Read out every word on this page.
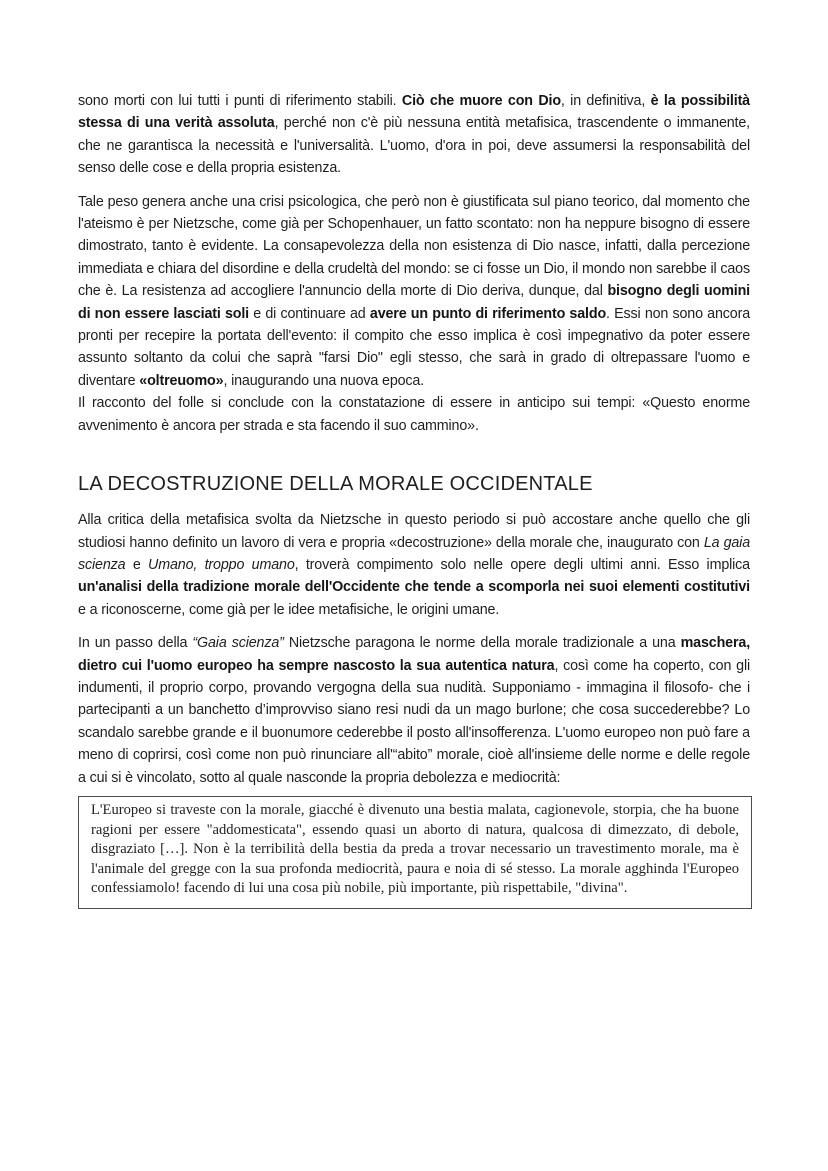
sono morti con lui tutti i punti di riferimento stabili. Ciò che muore con Dio, in definitiva, è la possibilità stessa di una verità assoluta, perché non c'è più nessuna entità metafisica, trascendente o immanente, che ne garantisca la necessità e l'universalità. L'uomo, d'ora in poi, deve assumersi la responsabilità del senso delle cose e della propria esistenza.

Tale peso genera anche una crisi psicologica, che però non è giustificata sul piano teorico, dal momento che l'ateismo è per Nietzsche, come già per Schopenhauer, un fatto scontato: non ha neppure bisogno di essere dimostrato, tanto è evidente. La consapevolezza della non esistenza di Dio nasce, infatti, dalla percezione immediata e chiara del disordine e della crudeltà del mondo: se ci fosse un Dio, il mondo non sarebbe il caos che è. La resistenza ad accogliere l'annuncio della morte di Dio deriva, dunque, dal bisogno degli uomini di non essere lasciati soli e di continuare ad avere un punto di riferimento saldo. Essi non sono ancora pronti per recepire la portata dell'evento: il compito che esso implica è così impegnativo da poter essere assunto soltanto da colui che saprà "farsi Dio" egli stesso, che sarà in grado di oltrepassare l'uomo e diventare «oltreuomo», inaugurando una nuova epoca.

Il racconto del folle si conclude con la constatazione di essere in anticipo sui tempi: «Questo enorme avvenimento è ancora per strada e sta facendo il suo cammino».

LA DECOSTRUZIONE DELLA MORALE OCCIDENTALE

Alla critica della metafisica svolta da Nietzsche in questo periodo si può accostare anche quello che gli studiosi hanno definito un lavoro di vera e propria «decostruzione» della morale che, inaugurato con La gaia scienza e Umano, troppo umano, troverà compimento solo nelle opere degli ultimi anni. Esso implica un'analisi della tradizione morale dell'Occidente che tende a scomporla nei suoi elementi costitutivi e a riconoscerne, come già per le idee metafisiche, le origini umane.

In un passo della “Gaia scienza” Nietzsche paragona le norme della morale tradizionale a una maschera, dietro cui l'uomo europeo ha sempre nascosto la sua autentica natura, così come ha coperto, con gli indumenti, il proprio corpo, provando vergogna della sua nudità. Supponiamo - immagina il filosofo- che i partecipanti a un banchetto d’improvviso siano resi nudi da un mago burlone; che cosa succederebbe? Lo scandalo sarebbe grande e il buonumore cederebbe il posto all'insofferenza. L'uomo europeo non può fare a meno di coprirsi, così come non può rinunciare all'“abito” morale, cioè all'insieme delle norme e delle regole a cui si è vincolato, sotto al quale nasconde la propria debolezza e mediocrità:

L'Europeo si traveste con la morale, giacché è divenuto una bestia malata, cagionevole, storpia, che ha buone ragioni per essere "addomesticata", essendo quasi un aborto di natura, qualcosa di dimezzato, di debole, disgraziato […]. Non è la terribilità della bestia da preda a trovar necessario un travestimento morale, ma è l'animale del gregge con la sua profonda mediocrità, paura e noia di sé stesso. La morale agghinda l'Europeo confessiamolo! facendo di lui una cosa più nobile, più importante, più rispettabile, "divina".
